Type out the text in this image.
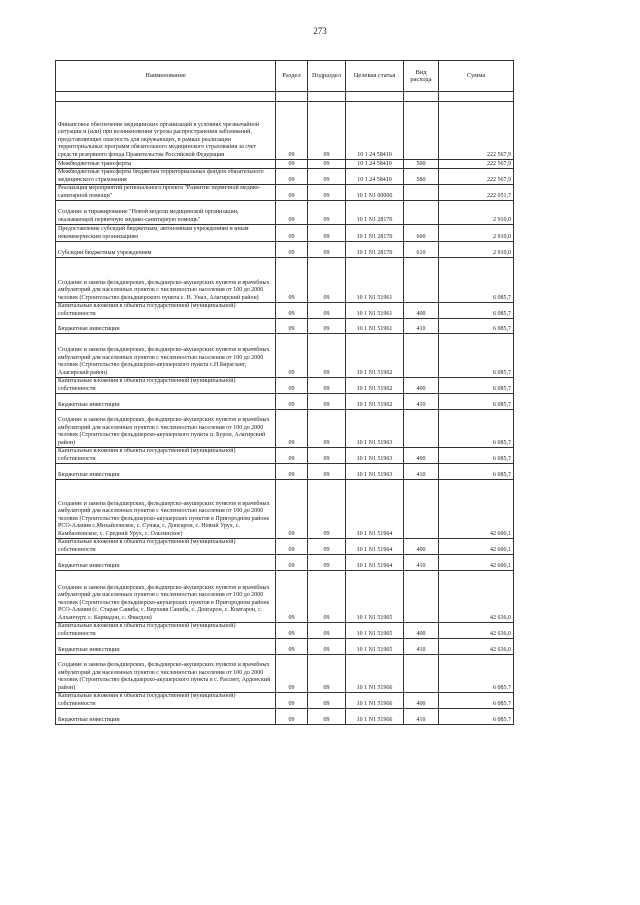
273
Наименование	Раздел	Подраздел	Целевая статья	Вид расхода	Сумма

Финансовое обеспечение медицинских организаций в условиях чрезвычайной ситуации и (или) при возникновении угрозы распространения заболеваний, представляющих опасность для окружающих, в рамках реализации территориальных программ обязательного медицинского страхования за счет средств резервного фонда Правительства Российской Федерации	09	09	10 1 24 58410		222 567,9
Межбюджетные трансферты	09	09	10 1 24 58410	500	222 567,9
Межбюджетные трансферты бюджетам территориальных фондов обязательного медицинского страхования	09	09	10 1 24 58410	580	222 567,9
Реализация мероприятий регионального проекта "Развитие первичной медико-санитарной помощи"	09	09	10 1 N1 00000		222 051,7
Создание и тиражирование "Новой модели медицинской организации, оказывающей первичную медико-санитарную помощь"	09	09	10 1 N1 28170		2 910,0
Предоставление субсидий бюджетным, автономным учреждениям и иным некоммерческим организациям	09	09	10 1 N1 28170	600	2 910,0
Субсидии бюджетным учреждениям	09	09	10 1 N1 28170	610	2 910,0
Создание и замена фельдшерских, фельдшерско-акушерских пунктов и врачебных амбулаторий для населенных пунктов с численностью населения от 100 до 2000 человек (Строительство фельдшерского пункта с. Н. Унал, Алагирский район)	09	09	10 1 N1 51961		6 085,7
Капитальные вложения в объекты государственной (муниципальной) собственности	09	09	10 1 N1 51961	400	6 085,7
Бюджетные инвестиции	09	09	10 1 N1 51961	410	6 085,7
Создание и замена фельдшерских, фельдшерско-акушерских пунктов и врачебных амбулаторий для населенных пунктов с численностью населения от 100 до 2000 человек (Строительство фельдшерско-акушерского пункта с.Н.Бирагзанг, Алагирский район)	09	09	10 1 N1 51962		6 085,7
Капитальные вложения в объекты государственной (муниципальной) собственности	09	09	10 1 N1 51962	400	6 085,7
Бюджетные инвестиции	09	09	10 1 N1 51962	410	6 085,7
Создание и замена фельдшерских, фельдшерско-акушерских пунктов и врачебных амбулаторий для населенных пунктов с численностью населения от 100 до 2000 человек (Строительство фельдшерско-акушерского пункта п. Бурон, Алагирский район)	09	09	10 1 N1 51963		6 085,7
Капитальные вложения в объекты государственной (муниципальной) собственности	09	09	10 1 N1 51963	400	6 085,7
Бюджетные инвестиции	09	09	10 1 N1 51963	410	6 085,7
Создание и замена фельдшерских, фельдшерско-акушерских пунктов и врачебных амбулаторий для населенных пунктов с численностью населения от 100 до 2000 человек (Строительство фельдшерско-акушерских пунктов в Пригородном районе РСО-Алания с.Михайловское, с. Сунжа, с. Донгарон, с. Новый Урух, с. Камбилеевское, с. Средний Урух, с. Ольгинское)	09	09	10 1 N1 51964		42 600,1
Капитальные вложения в объекты государственной (муниципальной) собственности	09	09	10 1 N1 51964	400	42 600,1
Бюджетные инвестиции	09	09	10 1 N1 51964	410	42 600,1
Создание и замена фельдшерских, фельдшерско-акушерских пунктов и врачебных амбулаторий для населенных пунктов с численностью населения от 100 до 2000 человек (Строительство фельдшерско-акушерских пунктов в Пригородном районе РСО-Алания (с. Старая Саниба, с. Верхняя Саниба, с. Донгарон, с. Комгарон, с. Алханчурт, с. Кармадон, с. Фиагдон)	09	09	10 1 N1 51965		42 636,0
Капитальные вложения в объекты государственной (муниципальной) собственности	09	09	10 1 N1 51965	400	42 636,0
Бюджетные инвестиции	09	09	10 1 N1 51965	410	42 636,0
Создание и замена фельдшерских, фельдшерско-акушерских пунктов и врачебных амбулаторий для населенных пунктов с численностью населения от 100 до 2000 человек (Строительство фельдшерско-акушерского пункта в с. Рассвет, Ардонский район)	09	09	10 1 N1 51966		6 085,7
Капитальные вложения в объекты государственной (муниципальной) собственности	09	09	10 1 N1 51966	400	6 085,7
Бюджетные инвестиции	09	09	10 1 N1 51966	410	6 085,7
